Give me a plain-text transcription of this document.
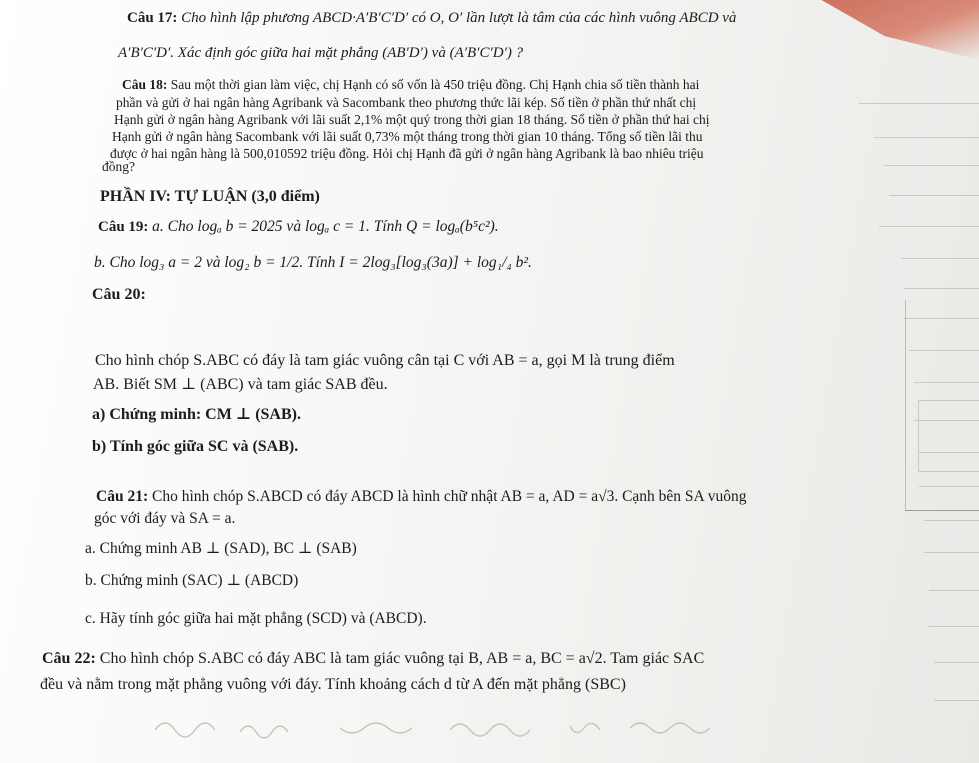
Câu 17: Cho hình lập phương ABCD·A′B′C′D′ có O, O′ lần lượt là tâm của các hình vuông ABCD và
A′B′C′D′. Xác định góc giữa hai mặt phẳng (AB′D′) và (A′B′C′D′) ?
Câu 18: Sau một thời gian làm việc, chị Hạnh có số vốn là 450 triệu đồng. Chị Hạnh chia số tiền thành hai
phần và gửi ở hai ngân hàng Agribank và Sacombank theo phương thức lãi kép. Số tiền ở phần thứ nhất chị
Hạnh gửi ở ngân hàng Agribank với lãi suất 2,1% một quý trong thời gian 18 tháng. Số tiền ở phần thứ hai chị
Hạnh gửi ở ngân hàng Sacombank với lãi suất 0,73% một tháng trong thời gian 10 tháng. Tổng số tiền lãi thu
được ở hai ngân hàng là 500,010592 triệu đồng. Hỏi chị Hạnh đã gửi ở ngân hàng Agribank là bao nhiêu triệu
đồng?
PHẦN IV: TỰ LUẬN (3,0 điểm)
Câu 19: a. Cho logₐ b = 2025 và logₐ c = 1. Tính Q = logₐ(b⁵c²).
b. Cho log₃ a = 2 và log₂ b = 1/2. Tính I = 2log₃[log₃(3a)] + log₁/₄ b².
Câu 20:
Cho hình chóp S.ABC có đáy là tam giác vuông cân tại C với AB = a, gọi M là trung điểm
AB. Biết SM ⊥ (ABC) và tam giác SAB đều.
a) Chứng minh: CM ⊥ (SAB).
b) Tính góc giữa SC và (SAB).
Câu 21: Cho hình chóp S.ABCD có đáy ABCD là hình chữ nhật AB = a, AD = a√3. Cạnh bên SA vuông
góc với đáy và SA = a.
a. Chứng minh AB ⊥ (SAD), BC ⊥ (SAB)
b. Chứng minh (SAC) ⊥ (ABCD)
c. Hãy tính góc giữa hai mặt phẳng (SCD) và (ABCD).
Câu 22: Cho hình chóp S.ABC có đáy ABC là tam giác vuông tại B, AB = a, BC = a√2. Tam giác SAC
đều và nằm trong mặt phẳng vuông với đáy. Tính khoảng cách d từ A đến mặt phẳng (SBC)
